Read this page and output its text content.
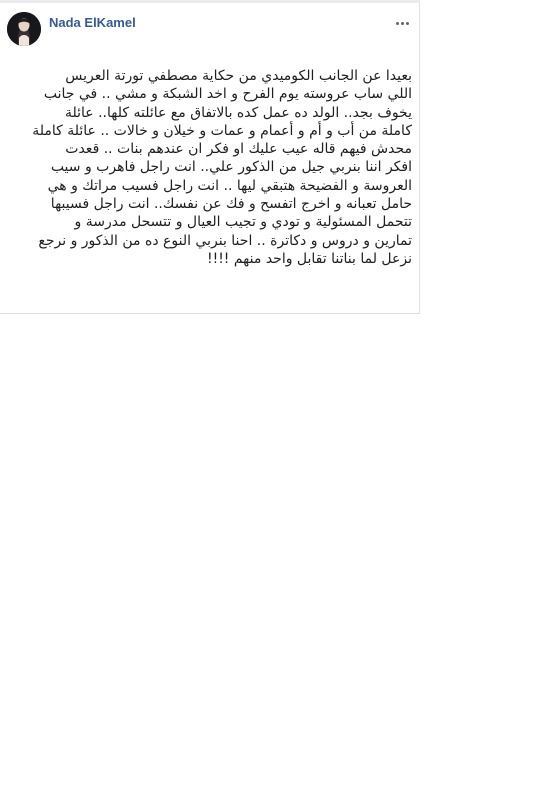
Nada ElKamel
بعيدا عن الجانب الكوميدي من حكاية مصطفي تورتة العريس
اللي ساب عروسته يوم الفرح و اخد الشبكة و مشي .. في جانب
يخوف بجد.. الولد ده عمل كده بالاتفاق مع عائلته كلها.. عائلة
كاملة من أب و أم و أعمام و عمات و خيلان و خالات .. عائلة كاملة
محدش فيهم قاله عيب عليك او فكر ان عندهم بنات .. قعدت
افكر اننا بنربي جيل من الذكور علي.. انت راجل فاهرب و سيب
العروسة و الفضيحة هتبقي ليها .. انت راجل فسيب مراتك و هي
حامل تعبانه و اخرج اتفسح و فك عن نفسك.. انت راجل فسيبها
تتحمل المسئولية و تودي و تجيب العيال و تتسحل مدرسة و
تمارين و دروس و دكاترة .. احنا بنربي النوع ده من الذكور و نرجع
نزعل لما بناتنا تقابل واحد منهم !!!!
